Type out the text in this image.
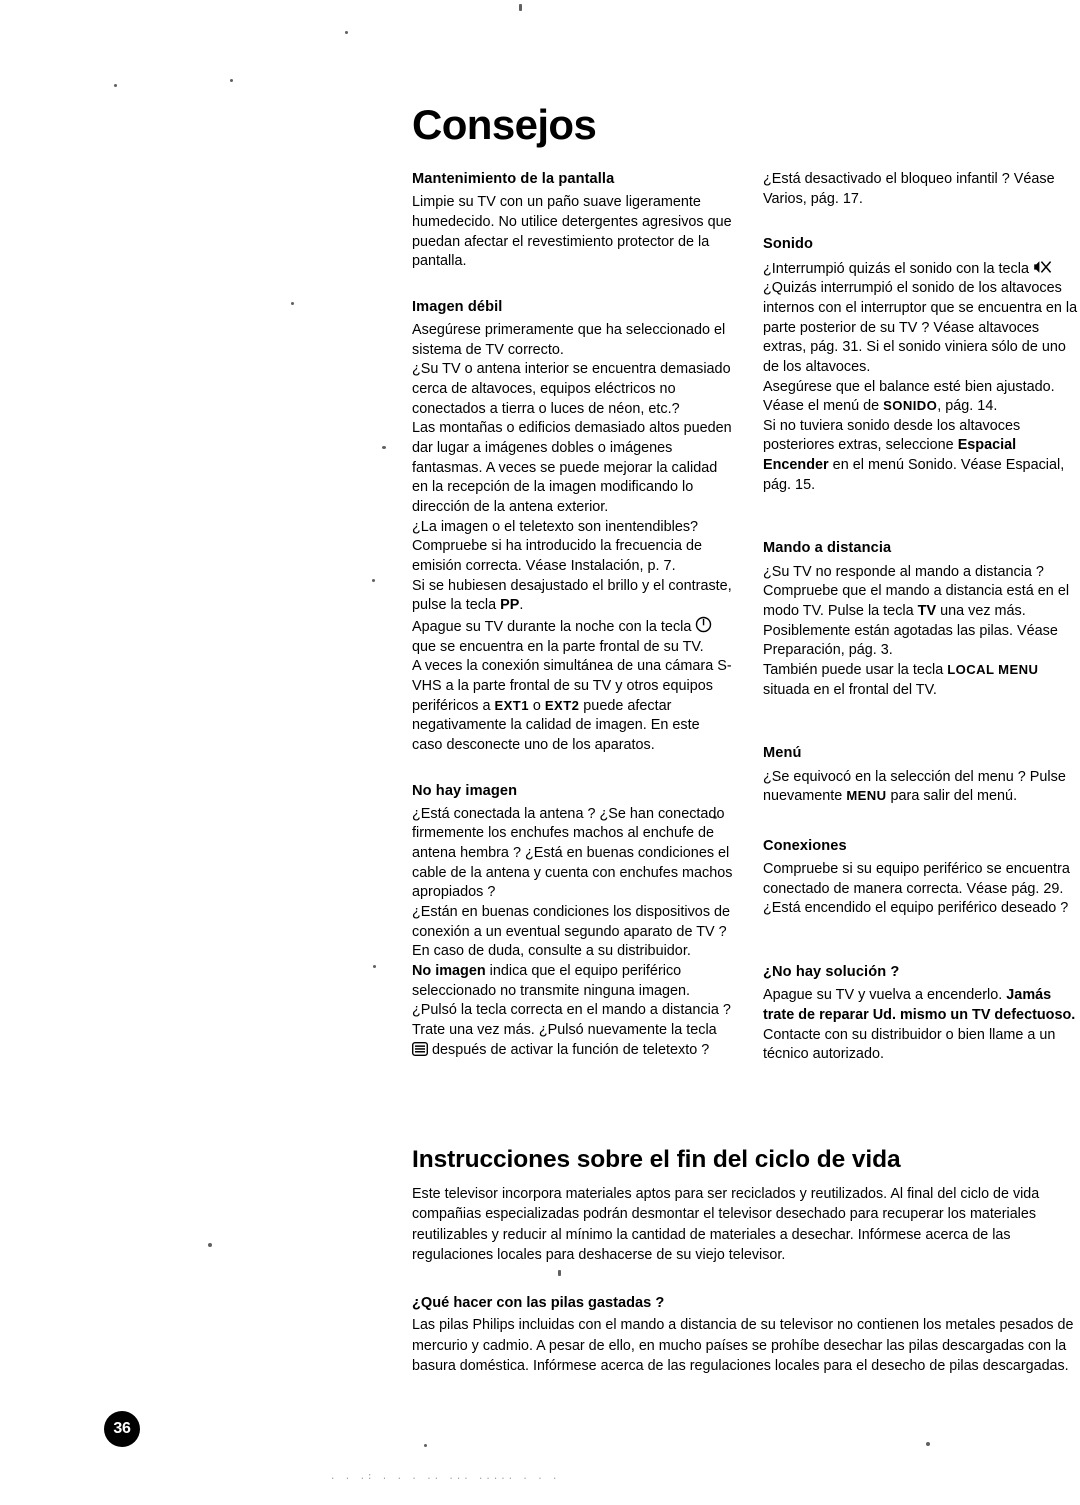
Consejos
Mantenimiento de la pantalla

Limpie su TV con un paño suave ligeramente humedecido. No utilice detergentes agresivos que puedan afectar el revestimiento protector de la pantalla.

Imagen débil

Asegúrese primeramente que ha seleccionado el sistema de TV correcto.

¿Su TV o antena interior se encuentra demasiado cerca de altavoces, equipos eléctricos no conectados a tierra o luces de néon, etc.?

Las montañas o edificios demasiado altos pueden dar lugar a imágenes dobles o imágenes fantasmas. A veces se puede mejorar la calidad en la recepción de la imagen modificando lo dirección de la antena exterior.

¿La imagen o el teletexto son inentendibles? Compruebe si ha introducido la frecuencia de emisión correcta. Véase Instalación, p. 7.

Si se hubiesen desajustado el brillo y el contraste, pulse la tecla PP.

Apague su TV durante la noche con la tecla
que se encuentra en la parte frontal de su TV.

A veces la conexión simultánea de una cámara S-VHS a la parte frontal de su TV y otros equipos periféricos a EXT1 o EXT2 puede afectar negativamente la calidad de imagen. En este caso desconecte uno de los aparatos.

No hay imagen

¿Está conectada la antena ? ¿Se han conectado firmemente los enchufes machos al enchufe de antena hembra ? ¿Está en buenas condiciones el cable de la antena y cuenta con enchufes machos apropiados ?

¿Están en buenas condiciones los dispositivos de conexión a un eventual segundo aparato de TV ?

En caso de duda, consulte a su distribuidor.

No imagen indica que el equipo periférico seleccionado no transmite ninguna imagen.

¿Pulsó la tecla correcta en el mando a distancia ? Trate una vez más. ¿Pulsó nuevamente la tecla
después de activar la función de teletexto ?

¿Está desactivado el bloqueo infantil ? Véase Varios, pág. 17.

Sonido

¿Interrumpió quizás el sonido con la tecla

¿Quizás interrumpió el sonido de los altavoces internos con el interruptor que se encuentra en la parte posterior de su TV ? Véase altavoces extras, pág. 31. Si el sonido viniera sólo de uno de los altavoces.

Asegúrese que el balance esté bien ajustado. Véase el menú de SONIDO, pág. 14.

Si no tuviera sonido desde los altavoces posteriores extras, seleccione Espacial Encender en el menú Sonido. Véase Espacial, pág. 15.

Mando a distancia

¿Su TV no responde al mando a distancia ? Compruebe que el mando a distancia está en el modo TV. Pulse la tecla TV una vez más. Posiblemente están agotadas las pilas. Véase Preparación, pág. 3.

También puede usar la tecla LOCAL MENU situada en el frontal del TV.

Menú

¿Se equivocó en la selección del menu ? Pulse nuevamente MENU para salir del menú.

Conexiones

Compruebe si su equipo periférico se encuentra conectado de manera correcta. Véase pág. 29. ¿Está encendido el equipo periférico deseado ?

¿No hay solución ?

Apague su TV y vuelva a encenderlo. Jamás trate de reparar Ud. mismo un TV defectuoso.

Contacte con su distribuidor o bien llame a un técnico autorizado.

Instrucciones sobre el fin del ciclo de vida

Este televisor incorpora materiales aptos para ser reciclados y reutilizados. Al final del ciclo de vida compañias especializadas podrán desmontar el televisor desechado para recuperar los materiales reutilizables y reducir al mínimo la cantidad de materiales a desechar. Infórmese acerca de las regulaciones locales para deshacerse de su viejo televisor.

¿Qué hacer con las pilas gastadas ?

Las pilas Philips incluidas con el mando a distancia de su televisor no contienen los metales pesados de mercurio y cadmio. A pesar de ello, en mucho países se prohíbe desechar las pilas descargadas con la basura doméstica. Infórmese acerca de las regulaciones locales para el desecho de pilas descargadas.

36
. . .: . . . .. ... ..... . . .
